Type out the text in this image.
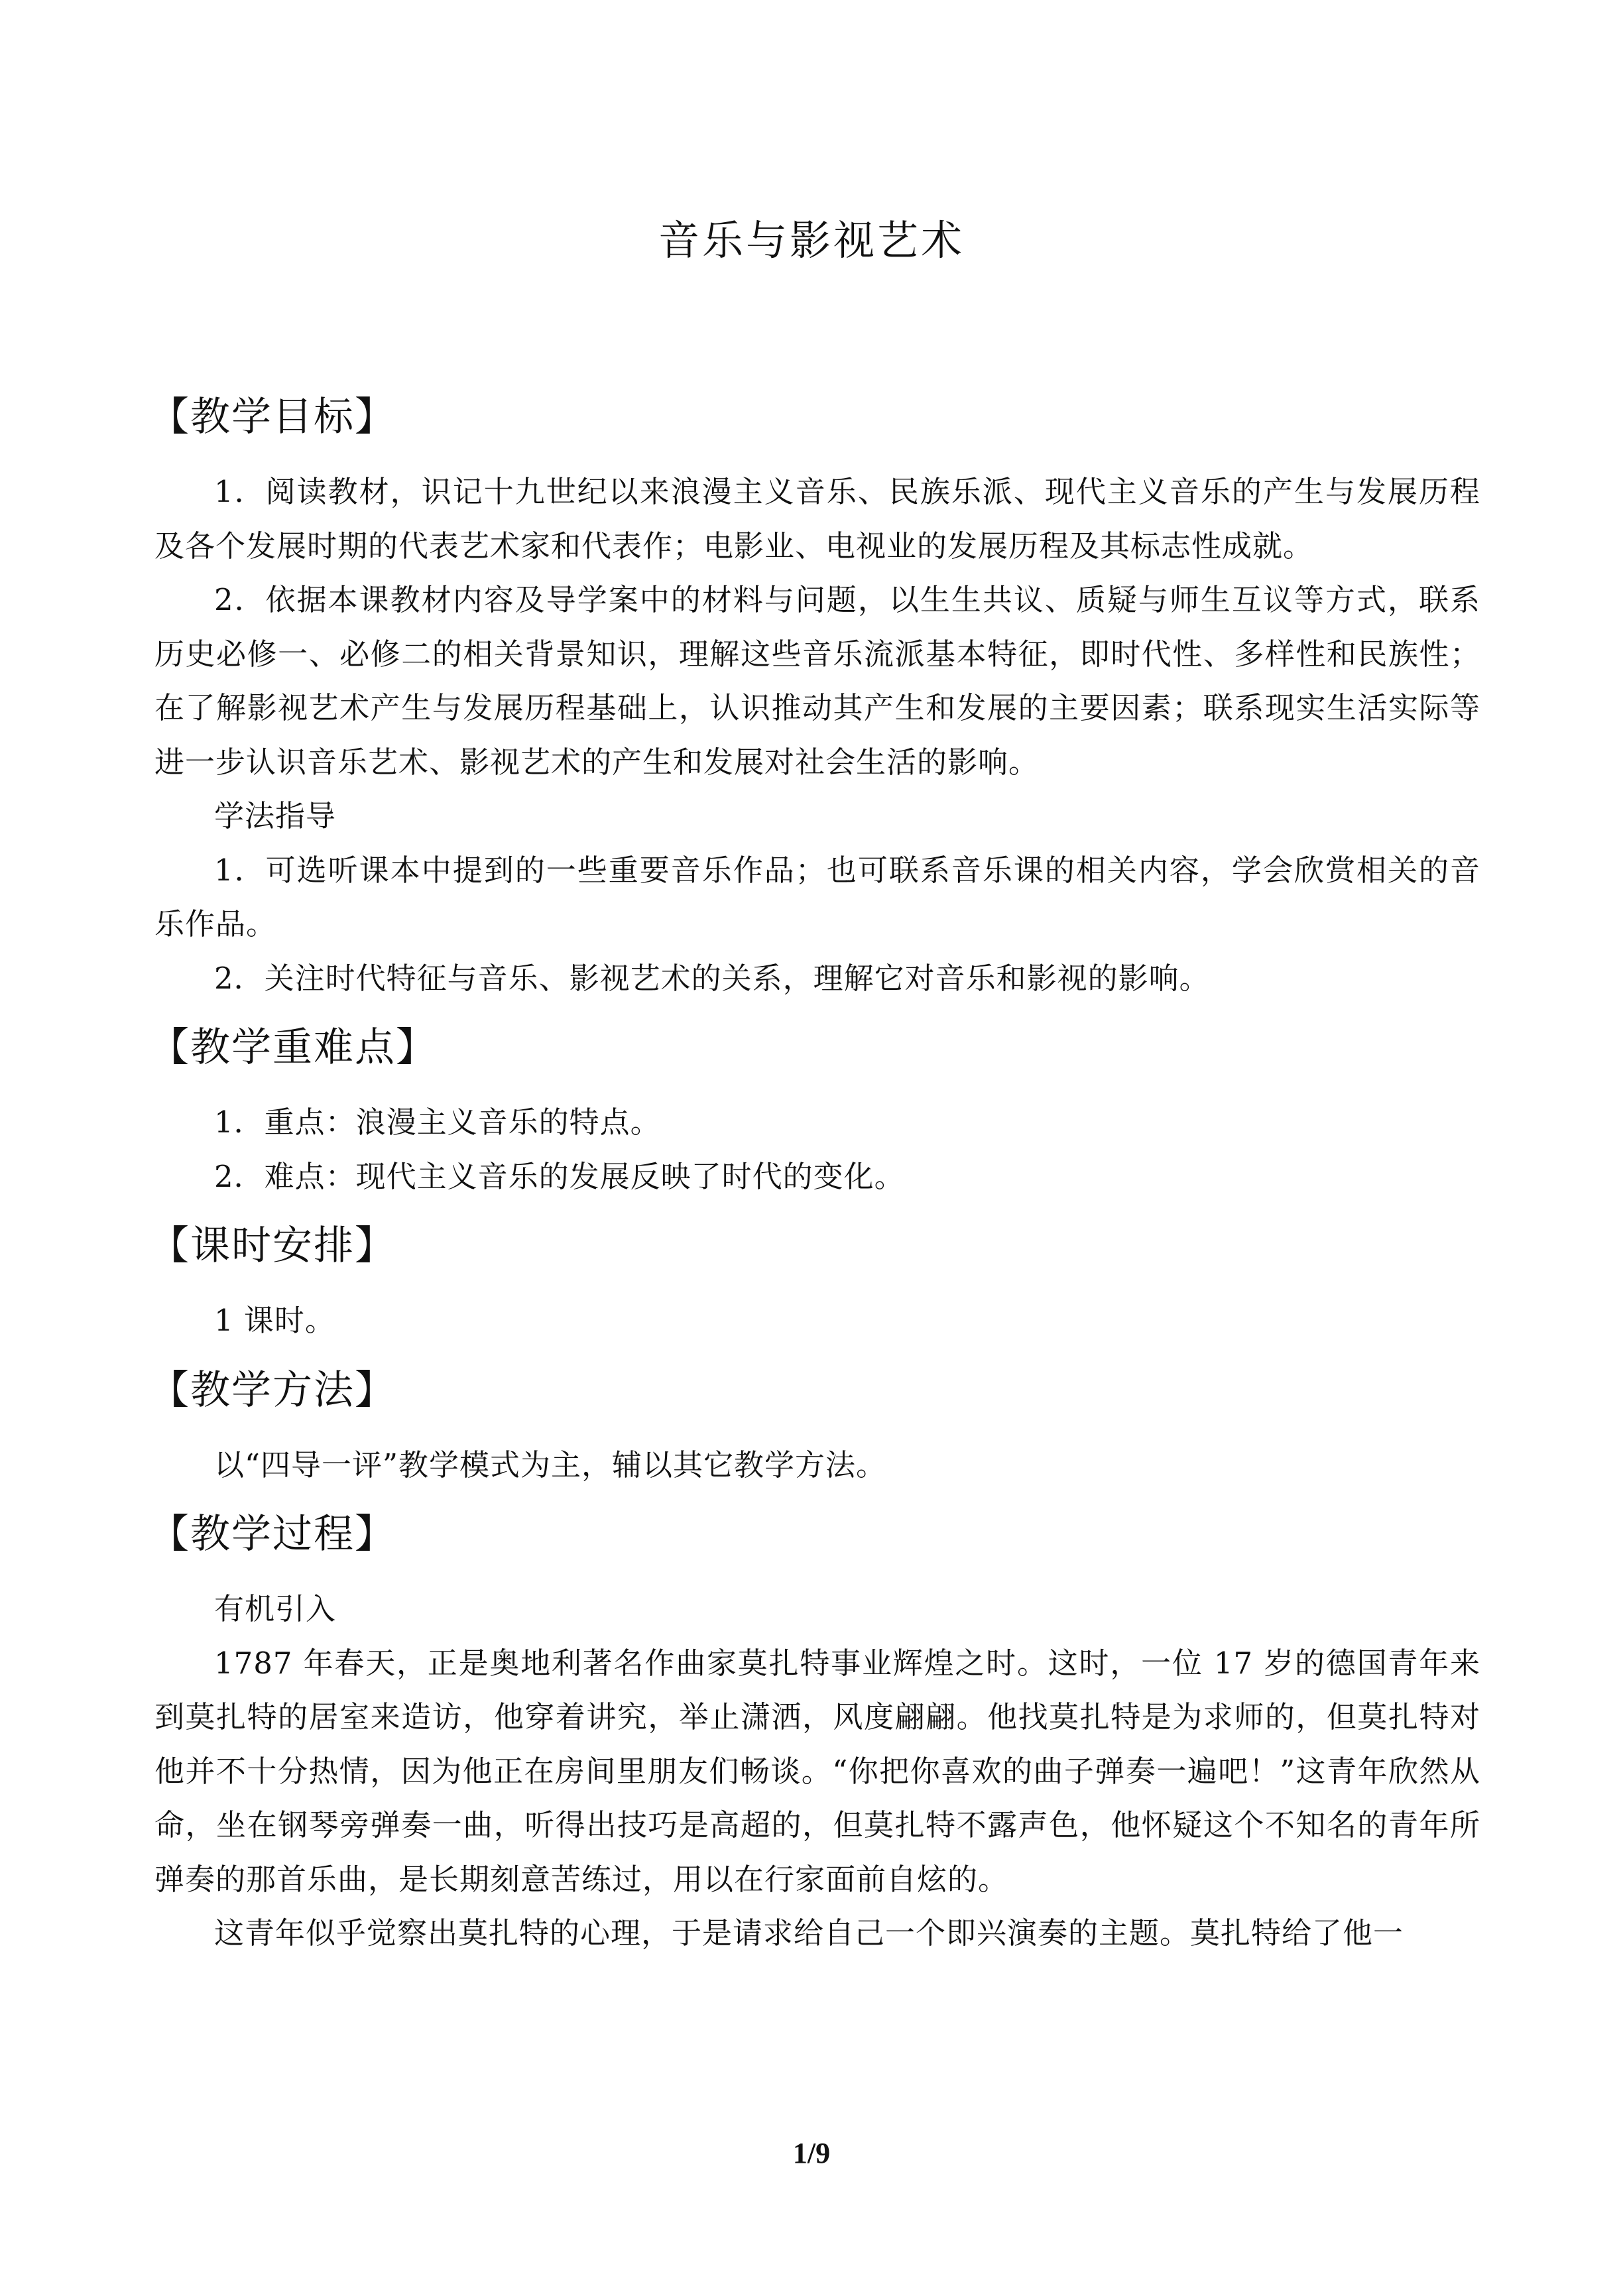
音乐与影视艺术
【教学目标】

1．阅读教材，识记十九世纪以来浪漫主义音乐、民族乐派、现代主义音乐的产生与发展历程及各个发展时期的代表艺术家和代表作；电影业、电视业的发展历程及其标志性成就。

2．依据本课教材内容及导学案中的材料与问题，以生生共议、质疑与师生互议等方式，联系历史必修一、必修二的相关背景知识，理解这些音乐流派基本特征，即时代性、多样性和民族性；在了解影视艺术产生与发展历程基础上，认识推动其产生和发展的主要因素；联系现实生活实际等进一步认识音乐艺术、影视艺术的产生和发展对社会生活的影响。

学法指导

1．可选听课本中提到的一些重要音乐作品；也可联系音乐课的相关内容，学会欣赏相关的音乐作品。

2．关注时代特征与音乐、影视艺术的关系，理解它对音乐和影视的影响。

【教学重难点】

1．重点：浪漫主义音乐的特点。

2．难点：现代主义音乐的发展反映了时代的变化。

【课时安排】

1 课时。

【教学方法】

以“四导一评”教学模式为主，辅以其它教学方法。

【教学过程】

有机引入

1787 年春天，正是奥地利著名作曲家莫扎特事业辉煌之时。这时，一位 17 岁的德国青年来到莫扎特的居室来造访，他穿着讲究，举止潇洒，风度翩翩。他找莫扎特是为求师的，但莫扎特对他并不十分热情，因为他正在房间里朋友们畅谈。“你把你喜欢的曲子弹奏一遍吧！”这青年欣然从命，坐在钢琴旁弹奏一曲，听得出技巧是高超的，但莫扎特不露声色，他怀疑这个不知名的青年所弹奏的那首乐曲，是长期刻意苦练过，用以在行家面前自炫的。

这青年似乎觉察出莫扎特的心理，于是请求给自己一个即兴演奏的主题。莫扎特给了他一

1/9
